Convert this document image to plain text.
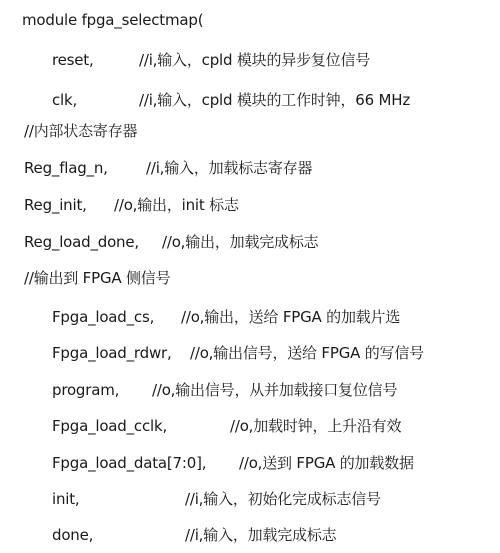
module fpga_selectmap(
reset,	//i,输入，cpld 模块的异步复位信号
clk,	//i,输入，cpld 模块的工作时钟，66 MHz
//内部状态寄存器
Reg_flag_n,	//i,输入，加载标志寄存器
Reg_init, //o,输出，init 标志
Reg_load_done, //o,输出，加载完成标志
//输出到 FPGA 侧信号
Fpga_load_cs, //o,输出，送给 FPGA 的加载片选
Fpga_load_rdwr, //o,输出信号，送给 FPGA 的写信号
program, //o,输出信号，从并加载接口复位信号
Fpga_load_cclk,	//o,加载时钟，上升沿有效
Fpga_load_data[7:0], //o,送到 FPGA 的加载数据
init,	//i,输入，初始化完成标志信号
done,	//i,输入，加载完成标志
